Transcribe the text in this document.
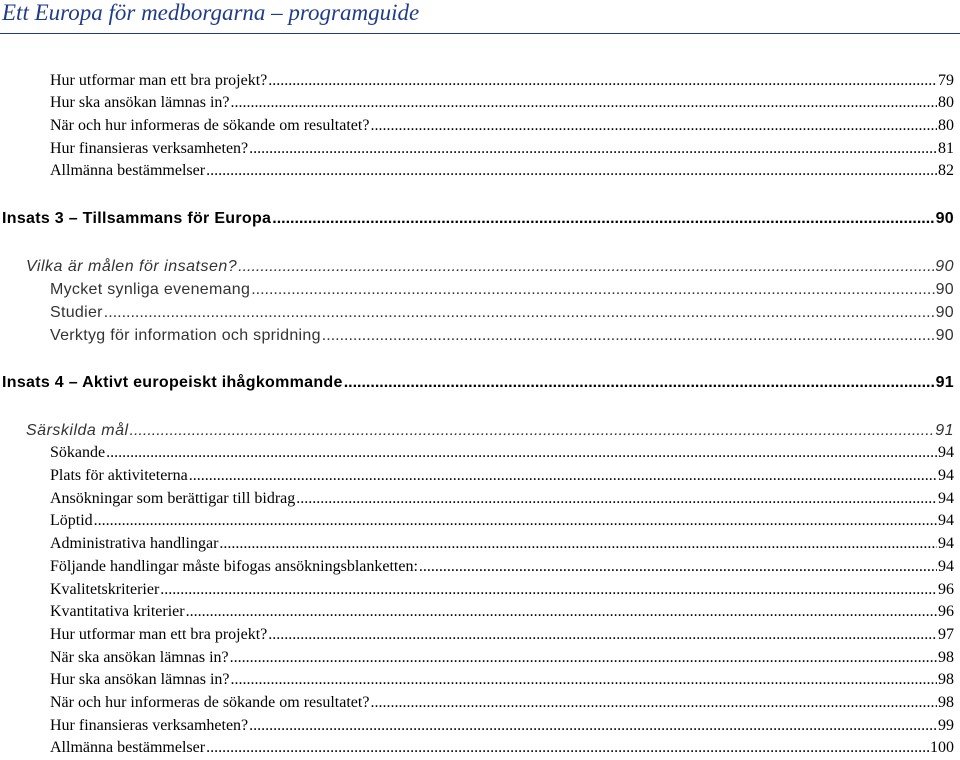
Ett Europa för medborgarna – programguide
Hur utformar man ett bra projekt? .....	79
Hur ska ansökan lämnas in? .....	80
När och hur informeras de sökande om resultatet? .....	80
Hur finansieras verksamheten? .....	81
Allmänna bestämmelser .....	82
Insats 3 – Tillsammans för Europa .....	90
Vilka är målen för insatsen? .....	90
Mycket synliga evenemang .....	90
Studier .....	90
Verktyg för information och spridning .....	90
Insats 4 – Aktivt europeiskt ihågkommande .....	91
Särskilda mål .....	91
Sökande .....	94
Plats för aktiviteterna .....	94
Ansökningar som berättigar till bidrag .....	94
Löptid .....	94
Administrativa handlingar .....	94
Följande handlingar måste bifogas ansökningsblanketten: .....	94
Kvalitetskriterier .....	96
Kvantitativa kriterier .....	96
Hur utformar man ett bra projekt? .....	97
När ska ansökan lämnas in? .....	98
Hur ska ansökan lämnas in? .....	98
När och hur informeras de sökande om resultatet? .....	98
Hur finansieras verksamheten? .....	99
Allmänna bestämmelser .....	100
